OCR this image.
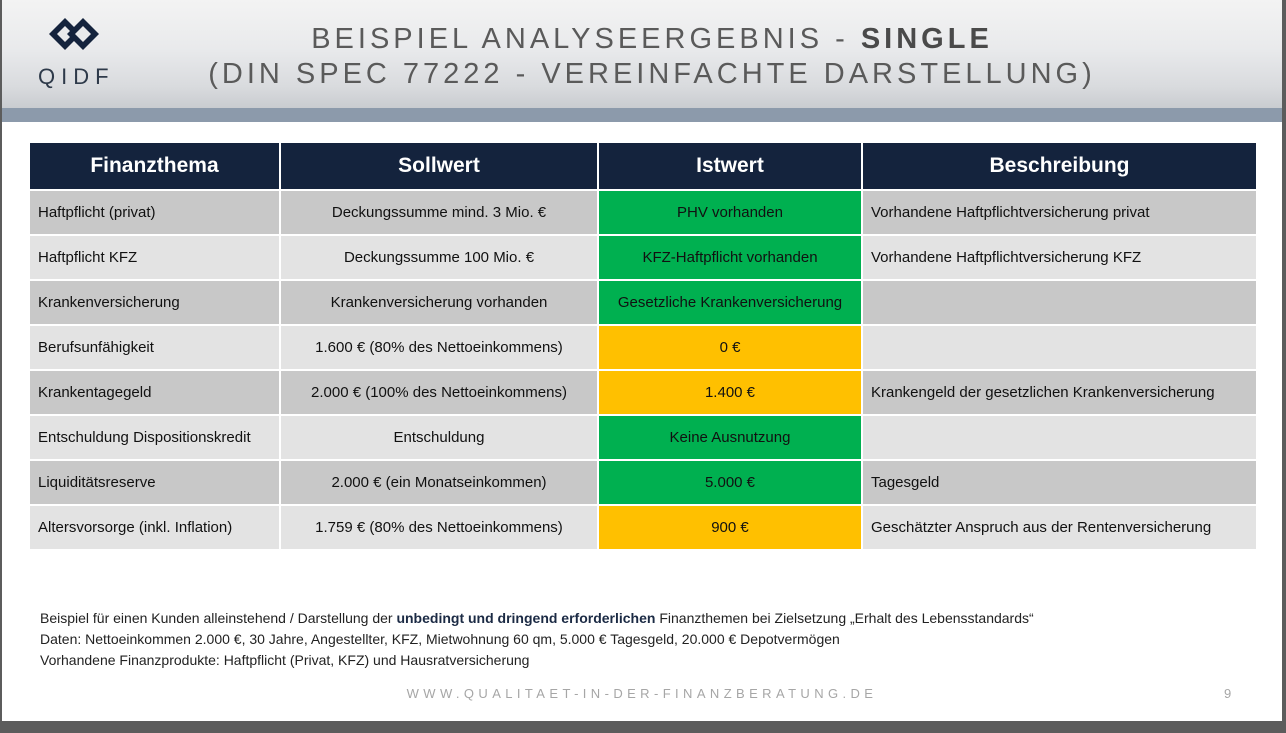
QIDF
BEISPIEL ANALYSEERGEBNIS - SINGLE
(DIN SPEC 77222 - VEREINFACHTE DARSTELLUNG)
Finanzthema	Sollwert	Istwert	Beschreibung
Haftpflicht (privat)	Deckungssumme mind. 3 Mio. €	PHV vorhanden	Vorhandene Haftpflichtversicherung privat
Haftpflicht KFZ	Deckungssumme 100 Mio. €	KFZ-Haftpflicht vorhanden	Vorhandene Haftpflichtversicherung KFZ
Krankenversicherung	Krankenversicherung vorhanden	Gesetzliche Krankenversicherung	
Berufsunfähigkeit	1.600 € (80% des Nettoeinkommens)	0 €	
Krankentagegeld	2.000 € (100% des Nettoeinkommens)	1.400 €	Krankengeld der gesetzlichen Krankenversicherung
Entschuldung Dispositionskredit	Entschuldung	Keine Ausnutzung	
Liquiditätsreserve	2.000 € (ein Monatseinkommen)	5.000 €	Tagesgeld
Altersvorsorge (inkl. Inflation)	1.759 € (80% des Nettoeinkommens)	900 €	Geschätzter Anspruch aus der Rentenversicherung
Beispiel für einen Kunden alleinstehend / Darstellung der unbedingt und dringend erforderlichen Finanzthemen bei Zielsetzung „Erhalt des Lebensstandards“
Daten: Nettoeinkommen 2.000 €, 30 Jahre, Angestellter, KFZ, Mietwohnung 60 qm, 5.000 € Tagesgeld, 20.000 € Depotvermögen
Vorhandene Finanzprodukte: Haftpflicht (Privat, KFZ) und Hausratversicherung
WWW.QUALITAET-IN-DER-FINANZBERATUNG.DE	9
